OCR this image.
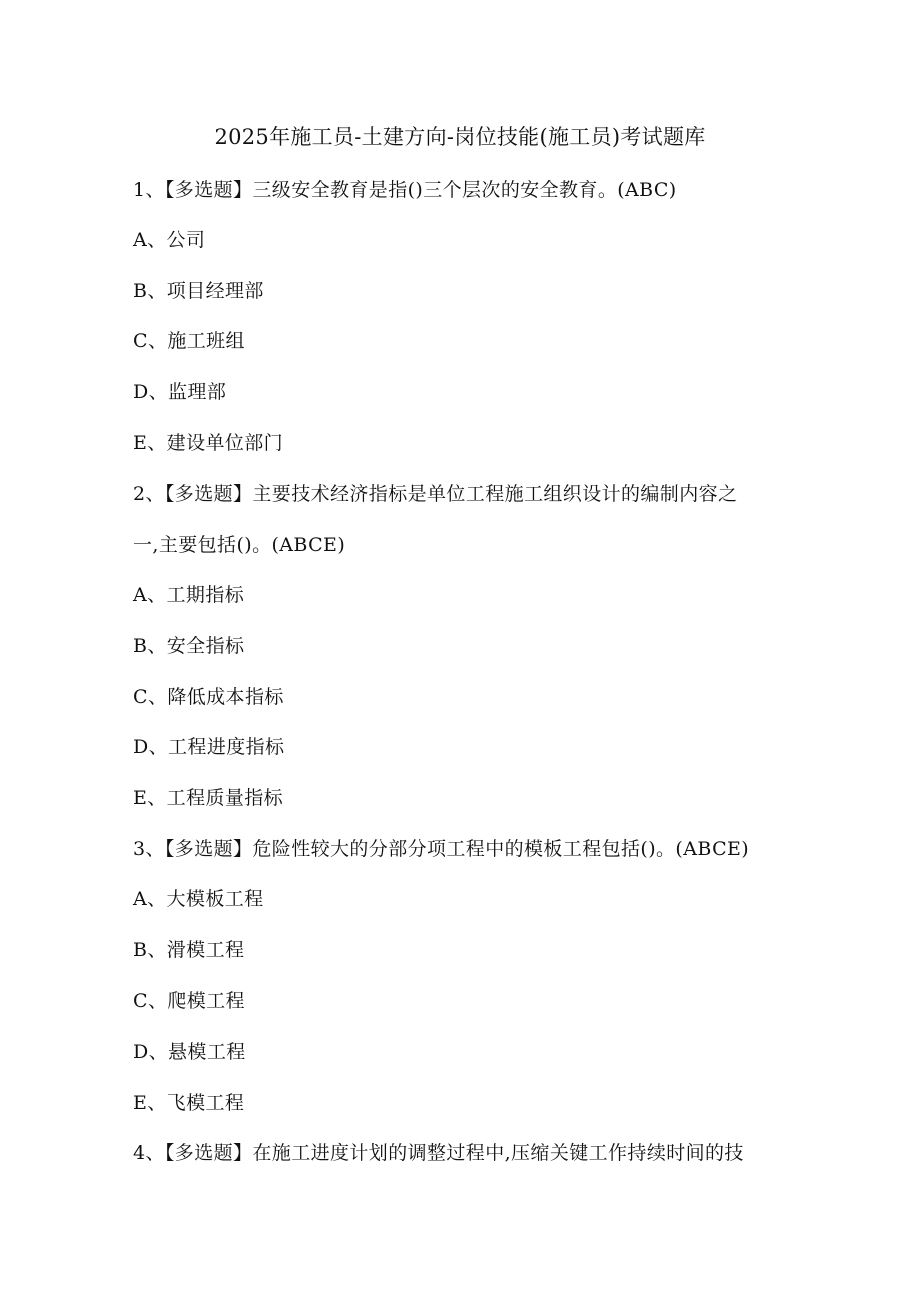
2025年施工员-土建方向-岗位技能(施工员)考试题库
1、【多选题】三级安全教育是指()三个层次的安全教育。(ABC)
A、公司
B、项目经理部
C、施工班组
D、监理部
E、建设单位部门
2、【多选题】主要技术经济指标是单位工程施工组织设计的编制内容之
一,主要包括()。(ABCE)
A、工期指标
B、安全指标
C、降低成本指标
D、工程进度指标
E、工程质量指标
3、【多选题】危险性较大的分部分项工程中的模板工程包括()。(ABCE)
A、大模板工程
B、滑模工程
C、爬模工程
D、悬模工程
E、飞模工程
4、【多选题】在施工进度计划的调整过程中,压缩关键工作持续时间的技
